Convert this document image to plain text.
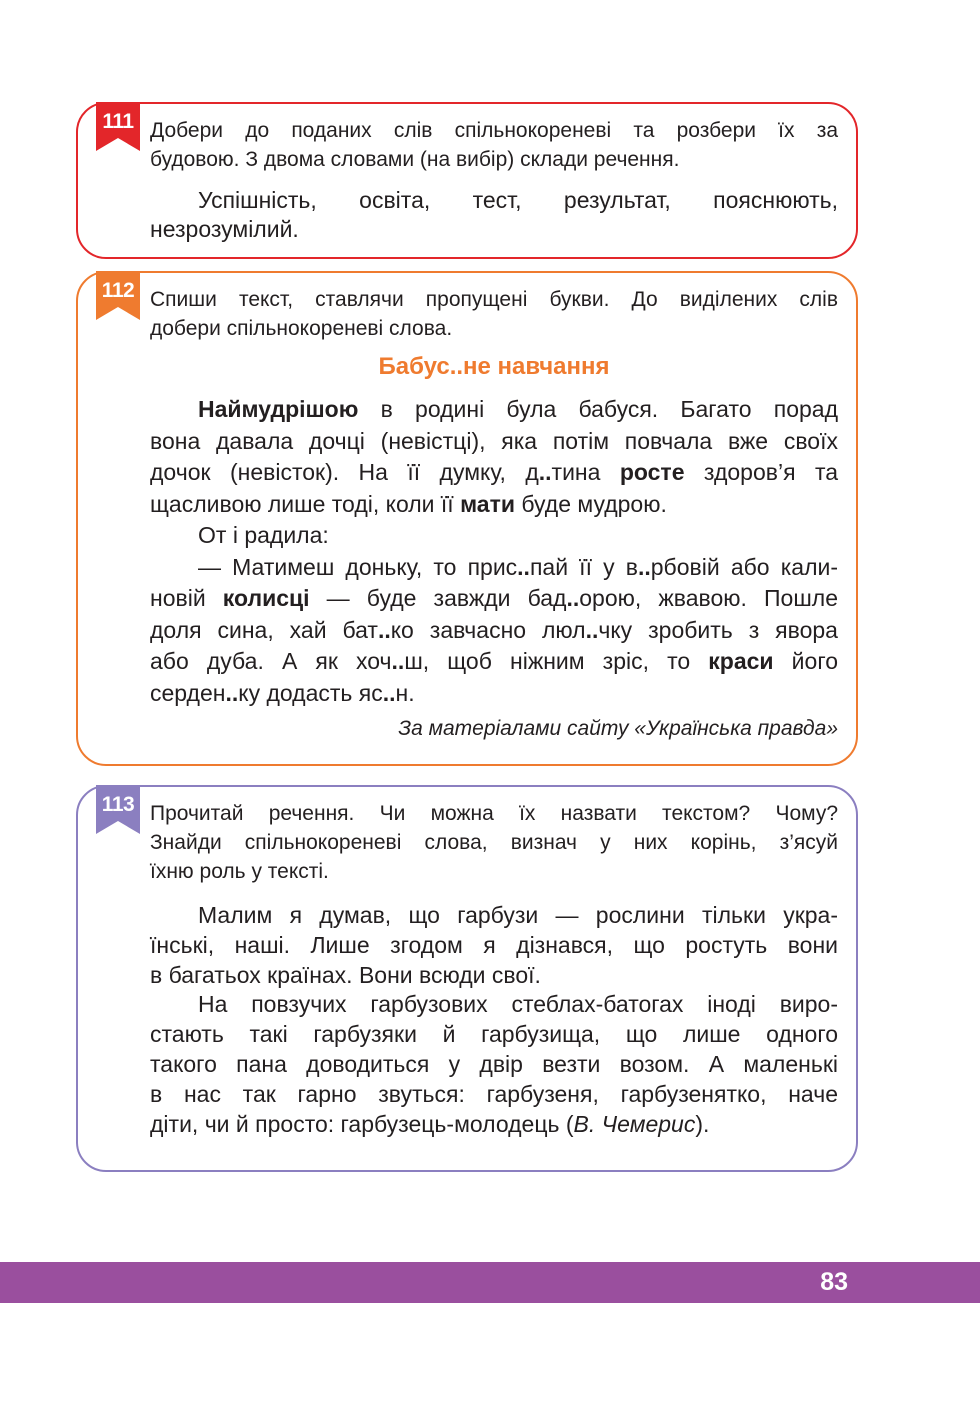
111 Добери до поданих слів спільнокореневі та розбери їх за
будовою. З двома словами (на вибір) склади речення.
Успішність, освіта, тест, результат, пояснюють,
незрозумілий.
112 Спиши текст, ставлячи пропущені букви. До виділених слів
добери спільнокореневі слова.
Бабус..не навчання
Наймудрішою в родині була бабуся. Багато порад
вона давала дочці (невістці), яка потім повчала вже своїх
дочок (невісток). На її думку, д..тина росте здоров’я та
щасливою лише тоді, коли її мати буде мудрою.
От і радила:
— Матимеш доньку, то прис..пай її у в..рбовій або кали-
новій колисці — буде завжди бад..орою, жвавою. Пошле
доля сина, хай бат..ко завчасно люл..чку зробить з явора
або дуба. А як хоч..ш, щоб ніжним зріс, то краси його
серден..ку додасть яс..н.
За матеріалами сайту «Українська правда»
113 Прочитай речення. Чи можна їх назвати текстом? Чому?
Знайди спільнокореневі слова, визнач у них корінь, з’ясуй
їхню роль у тексті.
Малим я думав, що гарбузи — рослини тільки укра-
їнські, наші. Лише згодом я дізнався, що ростуть вони
в багатьох країнах. Вони всюди свої.
На повзучих гарбузових стеблах-батогах іноді виро-
стають такі гарбузяки й гарбузища, що лише одного
такого пана доводиться у двір везти возом. А маленькі
в нас так гарно звуться: гарбузеня, гарбузенятко, наче
діти, чи й просто: гарбузець-молодець (В. Чемерис).
83
